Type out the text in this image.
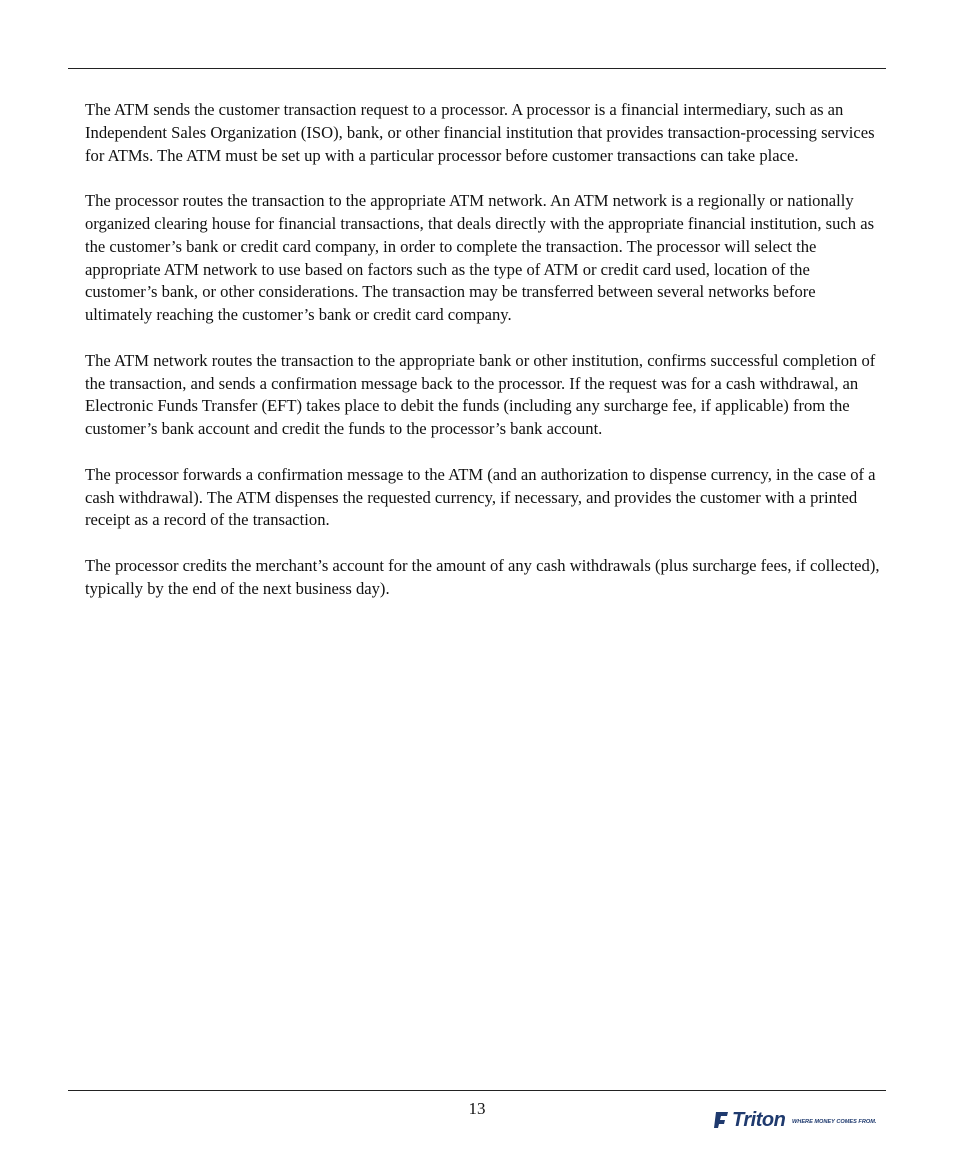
The ATM sends the customer transaction request to a processor. A processor is a financial intermediary, such as an Independent Sales Organization (ISO), bank, or other financial institution that provides transaction-processing services for ATMs. The ATM must be set up with a particular processor before customer transactions can take place.

The processor routes the transaction to the appropriate ATM network. An ATM network is a regionally or nationally organized clearing house for financial transactions, that deals directly with the appropriate financial institution, such as the customer’s bank or credit card company, in order to complete the transaction. The processor will select the appropriate ATM network to use based on factors such as the type of ATM or credit card used, location of the customer’s bank, or other considerations. The transaction may be transferred between several networks before ultimately reaching the customer’s bank or credit card company.

The ATM network routes the transaction to the appropriate bank or other institution, confirms successful completion of the transaction, and sends a confirmation message back to the processor. If the request was for a cash withdrawal, an Electronic Funds Transfer (EFT) takes place to debit the funds (including any surcharge fee, if applicable) from the customer’s bank account and credit the funds to the processor’s bank account.

The processor forwards a confirmation message to the ATM (and an authorization to dispense currency, in the case of a cash withdrawal). The ATM dispenses the requested currency, if necessary, and provides the customer with a printed receipt as a record of the transaction.

The processor credits the merchant’s account for the amount of any cash withdrawals (plus surcharge fees, if collected), typically by the end of the next business day).

13
Triton WHERE MONEY COMES FROM.
